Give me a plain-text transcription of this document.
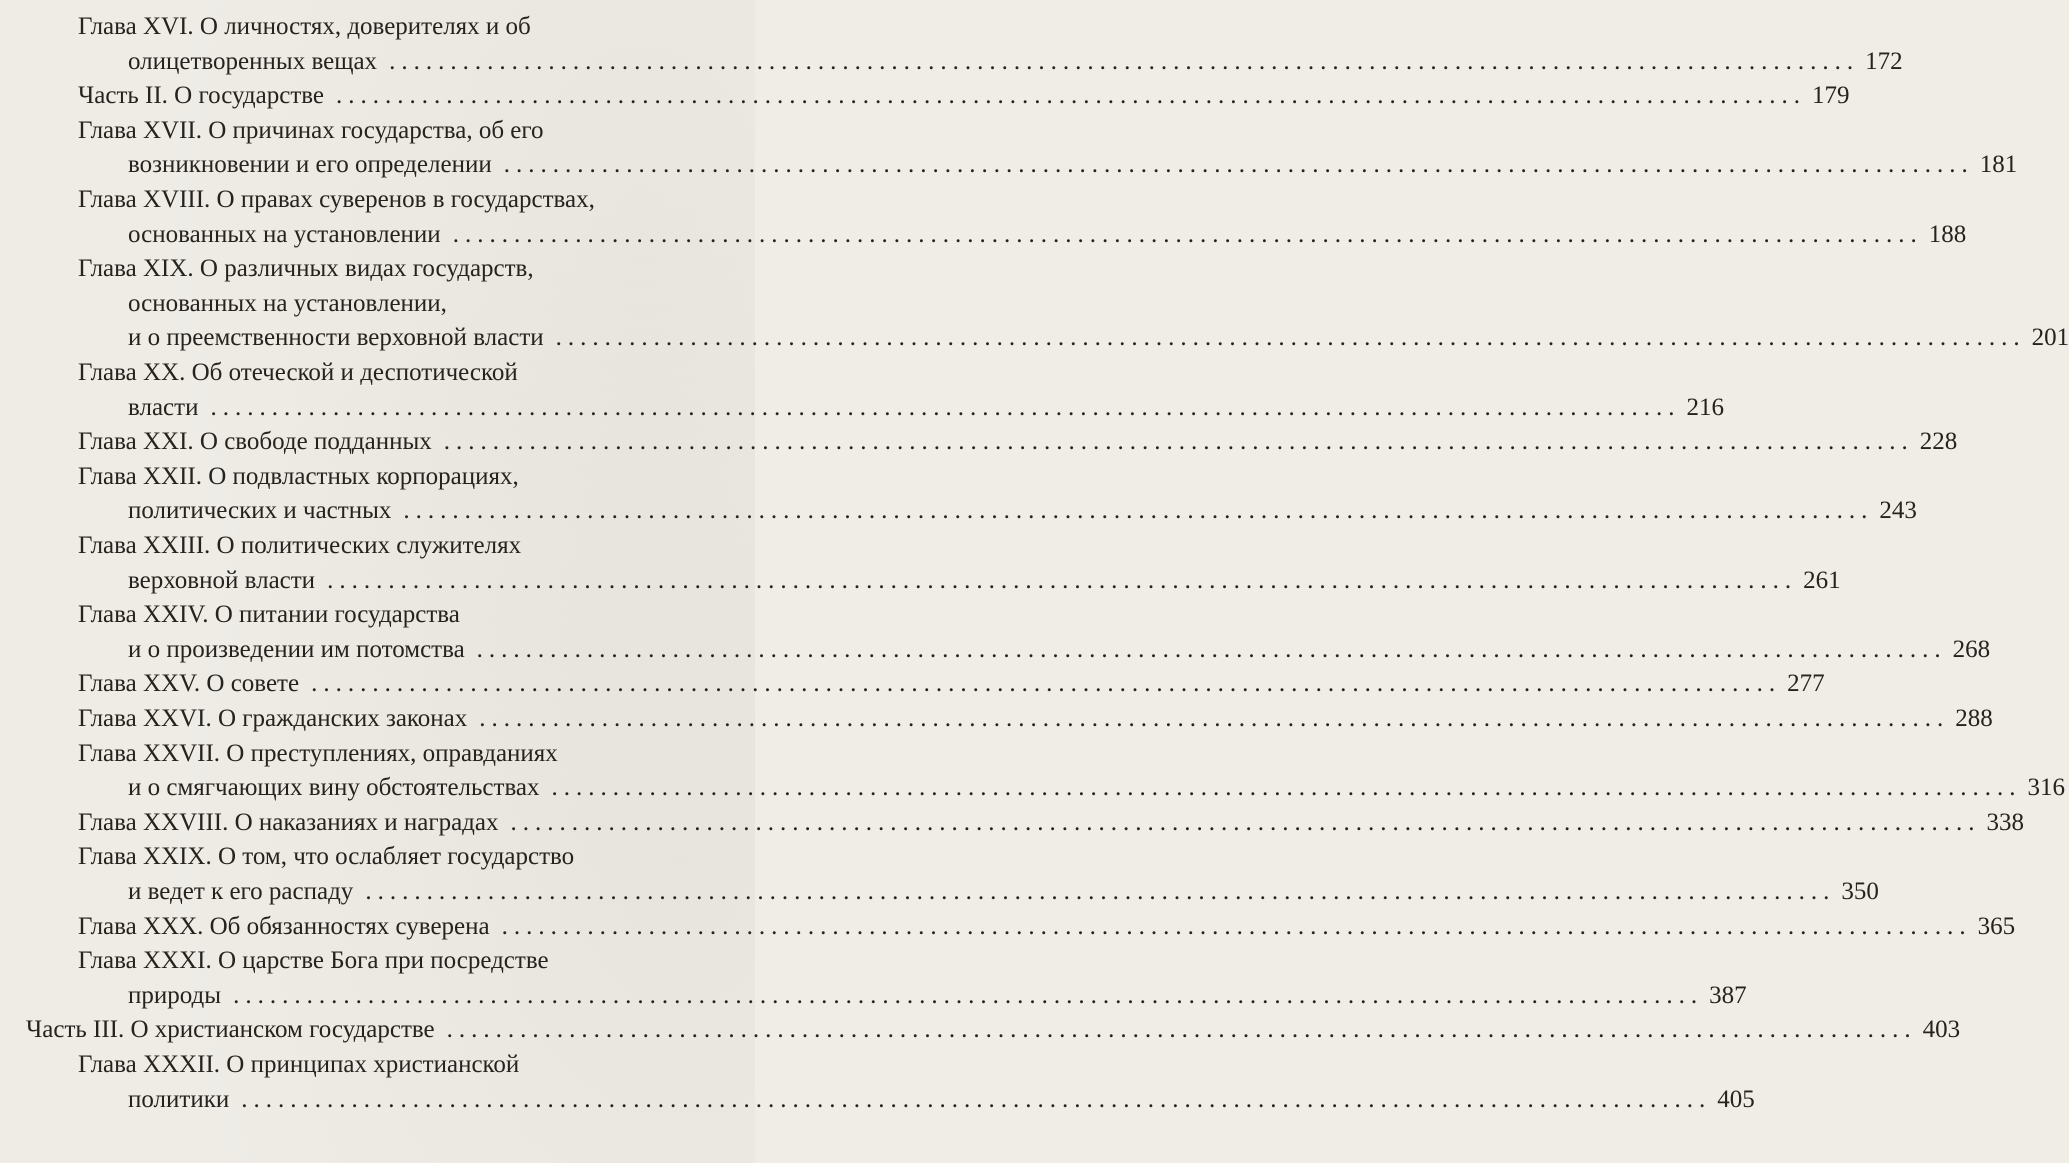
Глава XVI. О личностях, доверителях и об
олицетворенных вещах ........................................................................................................................ 172
Часть II. О государстве ........................................................................................................................ 179
Глава XVII. О причинах государства, об его
возникновении и его определении ........................................................................................................................ 181
Глава XVIII. О правах суверенов в государствах,
основанных на установлении ........................................................................................................................ 188
Глава XIX. О различных видах государств,
основанных на установлении,
и о преемственности верховной власти ........................................................................................................................ 201
Глава XX. Об отеческой и деспотической
власти ........................................................................................................................ 216
Глава XXI. О свободе подданных ........................................................................................................................ 228
Глава XXII. О подвластных корпорациях,
политических и частных ........................................................................................................................ 243
Глава XXIII. О политических служителях
верховной власти ........................................................................................................................ 261
Глава XXIV. О питании государства
и о произведении им потомства ........................................................................................................................ 268
Глава XXV. О совете ........................................................................................................................ 277
Глава XXVI. О гражданских законах ........................................................................................................................ 288
Глава XXVII. О преступлениях, оправданиях
и о смягчающих вину обстоятельствах ........................................................................................................................ 316
Глава XXVIII. О наказаниях и наградах ........................................................................................................................ 338
Глава XXIX. О том, что ослабляет государство
и ведет к его распаду ........................................................................................................................ 350
Глава XXX. Об обязанностях суверена ........................................................................................................................ 365
Глава XXXI. О царстве Бога при посредстве
природы ........................................................................................................................ 387
Часть III. О христианском государстве ........................................................................................................................ 403
Глава XXXII. О принципах христианской
политики ........................................................................................................................ 405
